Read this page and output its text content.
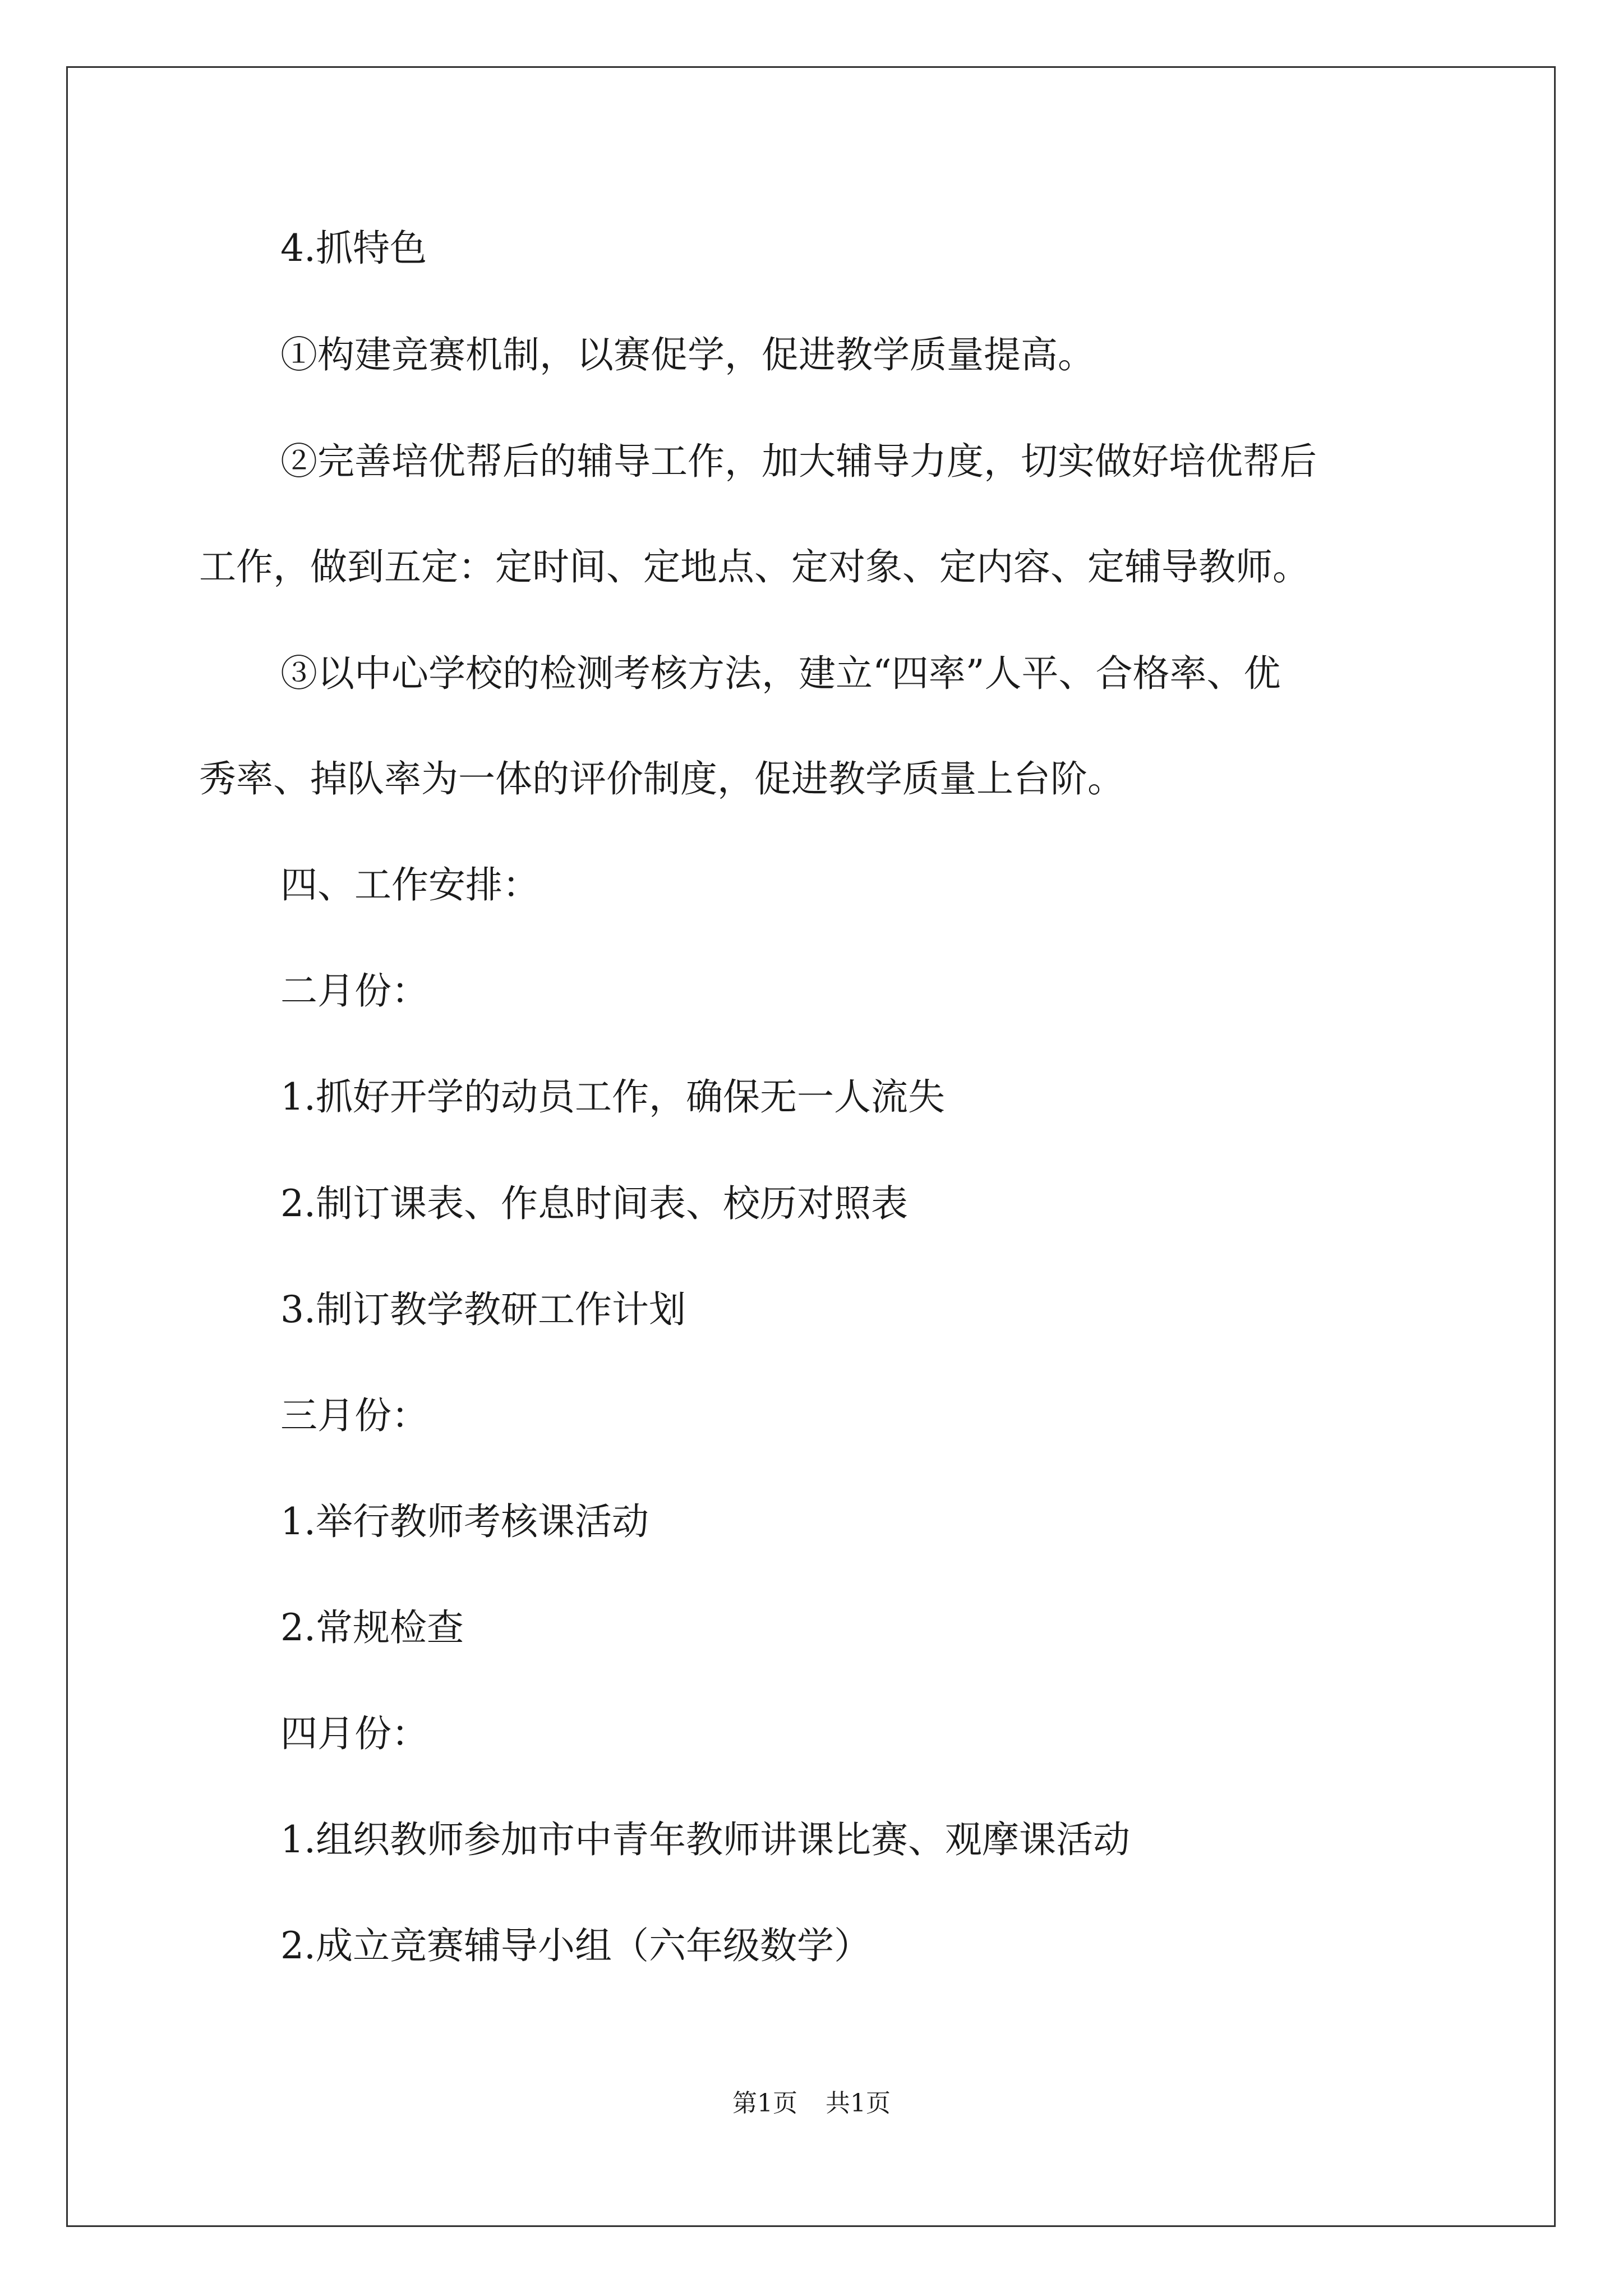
4.抓特色

①构建竞赛机制，以赛促学，促进教学质量提高。

②完善培优帮后的辅导工作，加大辅导力度，切实做好培优帮后

工作，做到五定：定时间、定地点、定对象、定内容、定辅导教师。

③以中心学校的检测考核方法，建立“四率”人平、合格率、优

秀率、掉队率为一体的评价制度，促进教学质量上台阶。

四、工作安排：

二月份：

1.抓好开学的动员工作，确保无一人流失

2.制订课表、作息时间表、校历对照表

3.制订教学教研工作计划

三月份：

1.举行教师考核课活动

2.常规检查

四月份：

1.组织教师参加市中青年教师讲课比赛、观摩课活动

2.成立竞赛辅导小组（六年级数学）

第1页 共1页
